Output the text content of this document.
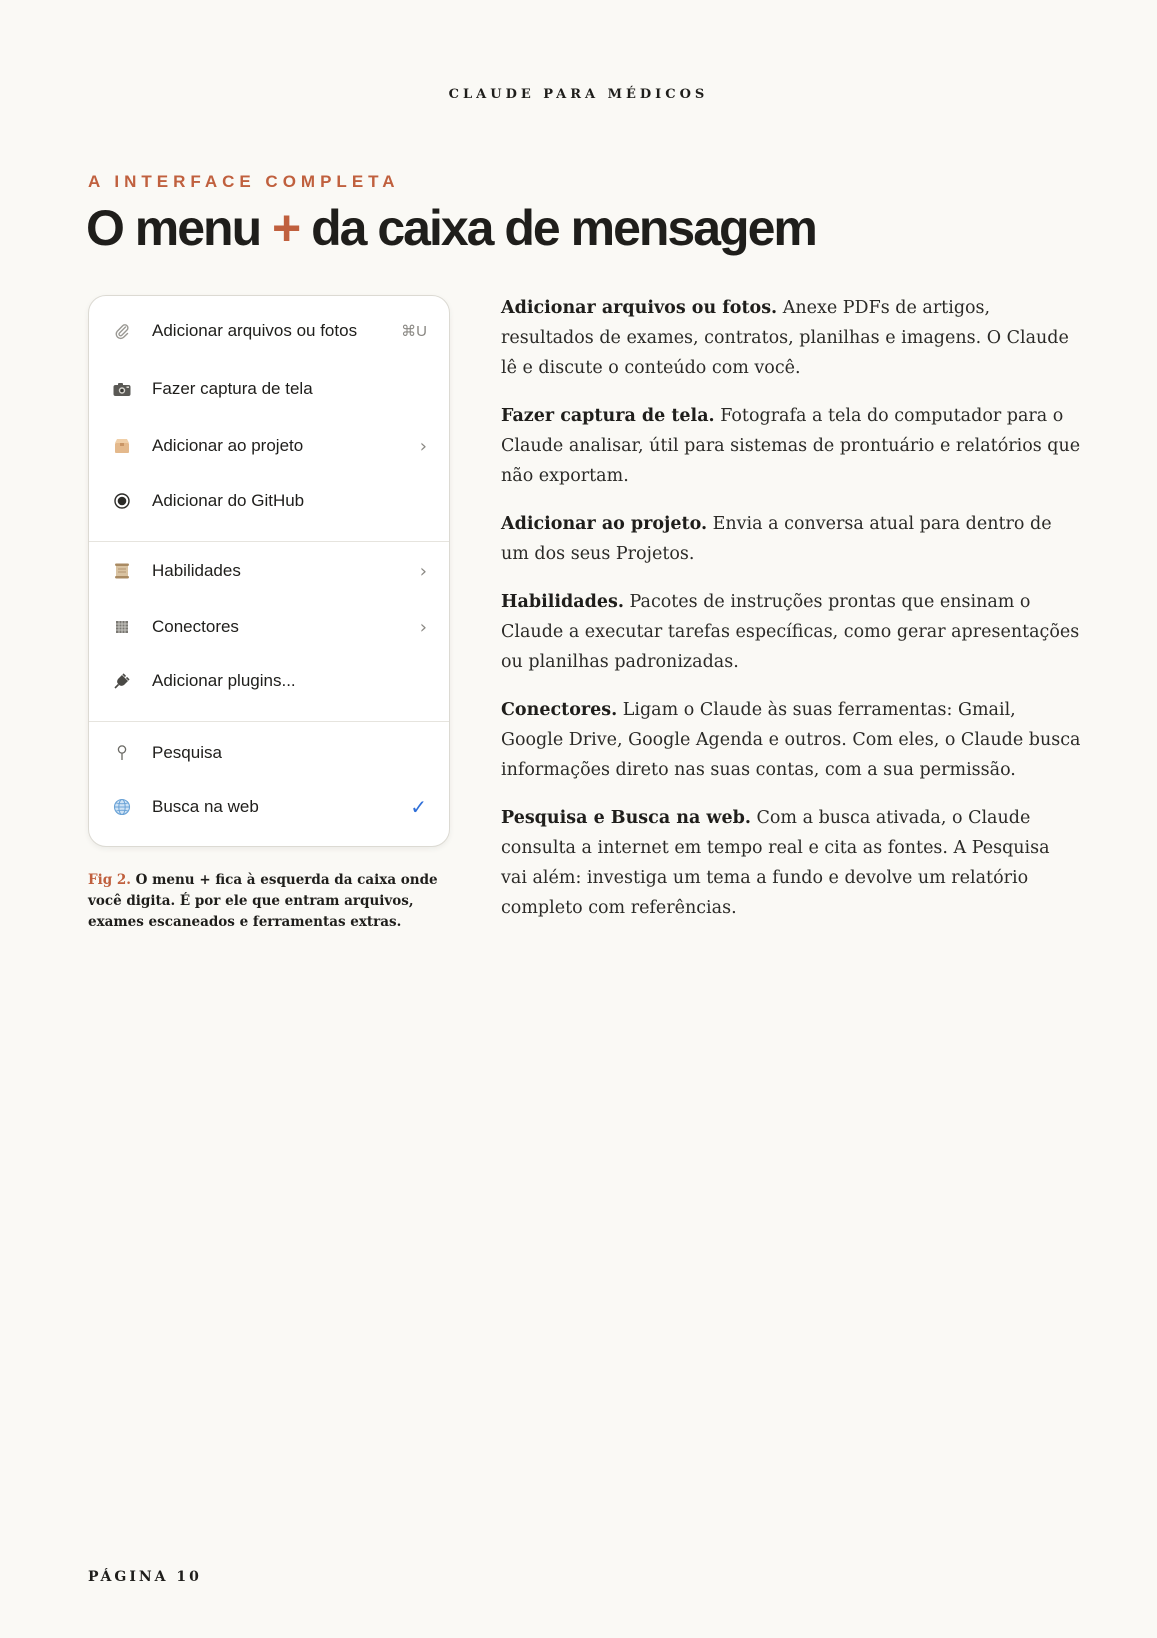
CLAUDE PARA MÉDICOS
A INTERFACE COMPLETA
O menu + da caixa de mensagem
Adicionar arquivos ou fotos	⌘U
Fazer captura de tela
Adicionar ao projeto	›
Adicionar do GitHub
Habilidades	›
Conectores	›
Adicionar plugins...
Pesquisa
Busca na web	✓
Fig 2. O menu + fica à esquerda da caixa onde você digita. É por ele que entram arquivos, exames escaneados e ferramentas extras.

Adicionar arquivos ou fotos. Anexe PDFs de artigos, resultados de exames, contratos, planilhas e imagens. O Claude lê e discute o conteúdo com você.

Fazer captura de tela. Fotografa a tela do computador para o Claude analisar, útil para sistemas de prontuário e relatórios que não exportam.

Adicionar ao projeto. Envia a conversa atual para dentro de um dos seus Projetos.

Habilidades. Pacotes de instruções prontas que ensinam o Claude a executar tarefas específicas, como gerar apresentações ou planilhas padronizadas.

Conectores. Ligam o Claude às suas ferramentas: Gmail, Google Drive, Google Agenda e outros. Com eles, o Claude busca informações direto nas suas contas, com a sua permissão.

Pesquisa e Busca na web. Com a busca ativada, o Claude consulta a internet em tempo real e cita as fontes. A Pesquisa vai além: investiga um tema a fundo e devolve um relatório completo com referências.

PÁGINA 10
